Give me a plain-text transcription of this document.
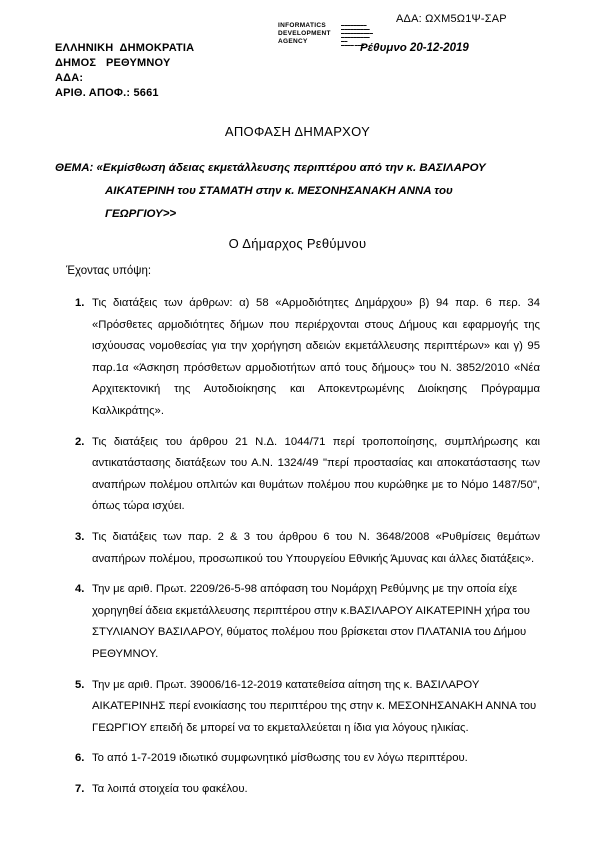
ΑΔΑ: ΩΧΜ5Ω1Ψ-ΣΑΡ
INFORMATICS
DEVELOPMENT
AGENCY
▬▬▬▬▬▬▬▬
▬▬▬▬▬▬▬▬▬
▬▬▬▬▬▬▬▬▬▬
▬▬▬▬▬▬▬▬▬
▬▬
▬▬▬▬ ▬▬▬
Ρέθυμνο 20-12-2019
ΕΛΛΗΝΙΚΗ  ΔΗΜΟΚΡΑΤΙΑ
ΔΗΜΟΣ   ΡΕΘΥΜΝΟΥ
ΑΔΑ:
ΑΡΙΘ. ΑΠΟΦ.: 5661
ΑΠΟΦΑΣΗ ΔΗΜΑΡΧΟΥ
ΘΕΜΑ: «Εκμίσθωση άδειας εκμετάλλευσης περιπτέρου από την κ. ΒΑΣΙΛΑΡΟΥ
ΑΙΚΑΤΕΡΙΝΗ του ΣΤΑΜΑΤΗ στην κ. ΜΕΣΟΝΗΣΑΝΑΚΗ ΑΝΝΑ του
ΓΕΩΡΓΙΟΥ>>
Ο Δήμαρχος Ρεθύμνου
Έχοντας υπόψη:
1. Τις διατάξεις των άρθρων: α) 58 «Αρμοδιότητες Δημάρχου» β) 94 παρ. 6 περ. 34 «Πρόσθετες αρμοδιότητες δήμων που περιέρχονται στους Δήμους και εφαρμογής της ισχύουσας νομοθεσίας για την χορήγηση αδειών εκμετάλλευσης περιπτέρων» και γ) 95 παρ.1α «Άσκηση πρόσθετων αρμοδιοτήτων από τους δήμους» του Ν. 3852/2010 «Νέα Αρχιτεκτονική της Αυτοδιοίκησης και Αποκεντρωμένης Διοίκησης Πρόγραμμα Καλλικράτης».
2. Τις διατάξεις του άρθρου 21 Ν.Δ. 1044/71 περί τροποποίησης, συμπλήρωσης και αντικατάστασης διατάξεων του Α.Ν. 1324/49 "περί προστασίας και αποκατάστασης των αναπήρων πολέμου οπλιτών και θυμάτων πολέμου που κυρώθηκε με το Νόμο 1487/50", όπως τώρα ισχύει.
3. Τις διατάξεις των παρ. 2 & 3 του άρθρου 6 του Ν. 3648/2008 «Ρυθμίσεις θεμάτων αναπήρων πολέμου, προσωπικού του Υπουργείου Εθνικής Άμυνας και άλλες διατάξεις».
4. Την με αριθ. Πρωτ. 2209/26-5-98 απόφαση του Νομάρχη Ρεθύμνης με την οποία είχε χορηγηθεί άδεια εκμετάλλευσης περιπτέρου στην κ.ΒΑΣΙΛΑΡΟΥ ΑΙΚΑΤΕΡΙΝΗ χήρα του ΣΤΥΛΙΑΝΟΥ ΒΑΣΙΛΑΡΟΥ, θύματος πολέμου που βρίσκεται στον ΠΛΑΤΑΝΙΑ του Δήμου ΡΕΘΥΜΝΟΥ.
5. Την με αριθ. Πρωτ. 39006/16-12-2019 κατατεθείσα αίτηση της κ. ΒΑΣΙΛΑΡΟΥ ΑΙΚΑΤΕΡΙΝΗΣ περί ενοικίασης του περιπτέρου της στην κ. ΜΕΣΟΝΗΣΑΝΑΚΗ ΑΝΝΑ του ΓΕΩΡΓΙΟΥ επειδή δε μπορεί να το εκμεταλλεύεται η ίδια για λόγους ηλικίας.
6. Το από 1-7-2019 ιδιωτικό συμφωνητικό μίσθωσης του εν λόγω περιπτέρου.
7. Τα λοιπά στοιχεία του φακέλου.
